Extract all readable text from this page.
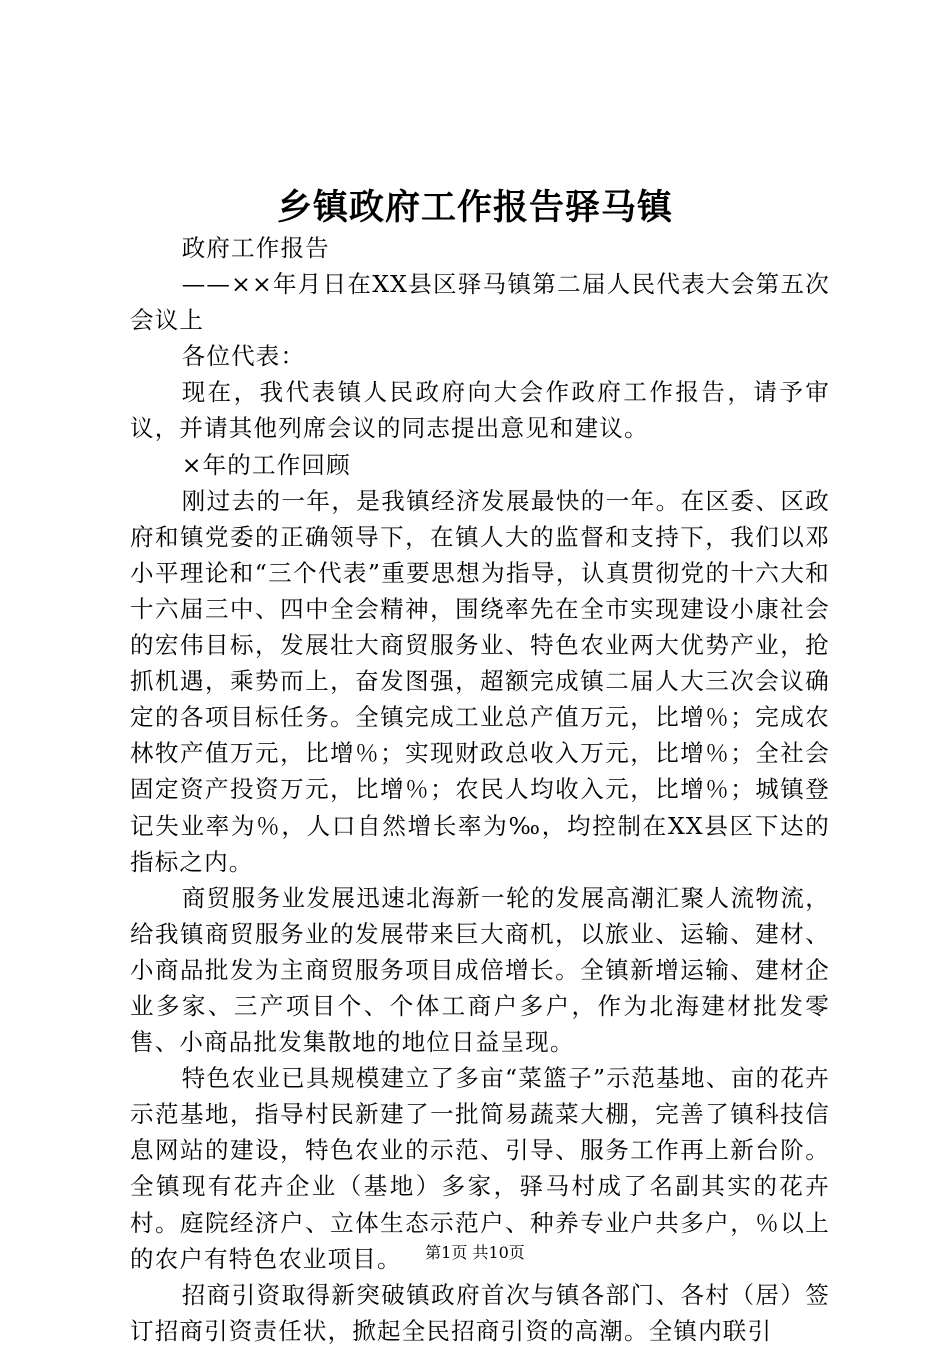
乡镇政府工作报告驿马镇

政府工作报告

——××年月日在XX县区驿马镇第二届人民代表大会第五次会议上

各位代表：

现在，我代表镇人民政府向大会作政府工作报告，请予审议，并请其他列席会议的同志提出意见和建议。

×年的工作回顾

刚过去的一年，是我镇经济发展最快的一年。在区委、区政府和镇党委的正确领导下，在镇人大的监督和支持下，我们以邓小平理论和“三个代表”重要思想为指导，认真贯彻党的十六大和十六届三中、四中全会精神，围绕率先在全市实现建设小康社会的宏伟目标，发展壮大商贸服务业、特色农业两大优势产业，抢抓机遇，乘势而上，奋发图强，超额完成镇二届人大三次会议确定的各项目标任务。全镇完成工业总产值万元，比增％；完成农林牧产值万元，比增％；实现财政总收入万元，比增％；全社会固定资产投资万元，比增％；农民人均收入元，比增％；城镇登记失业率为％，人口自然增长率为‰，均控制在XX县区下达的指标之内。

商贸服务业发展迅速北海新一轮的发展高潮汇聚人流物流，给我镇商贸服务业的发展带来巨大商机，以旅业、运输、建材、小商品批发为主商贸服务项目成倍增长。全镇新增运输、建材企业多家、三产项目个、个体工商户多户，作为北海建材批发零售、小商品批发集散地的地位日益呈现。

特色农业已具规模建立了多亩“菜篮子”示范基地、亩的花卉示范基地，指导村民新建了一批简易蔬菜大棚，完善了镇科技信息网站的建设，特色农业的示范、引导、服务工作再上新台阶。全镇现有花卉企业（基地）多家，驿马村成了名副其实的花卉村。庭院经济户、立体生态示范户、种养专业户共多户，％以上的农户有特色农业项目。

招商引资取得新突破镇政府首次与镇各部门、各村（居）签订招商引资责任状，掀起全民招商引资的高潮。全镇内联引

第1页 共10页
